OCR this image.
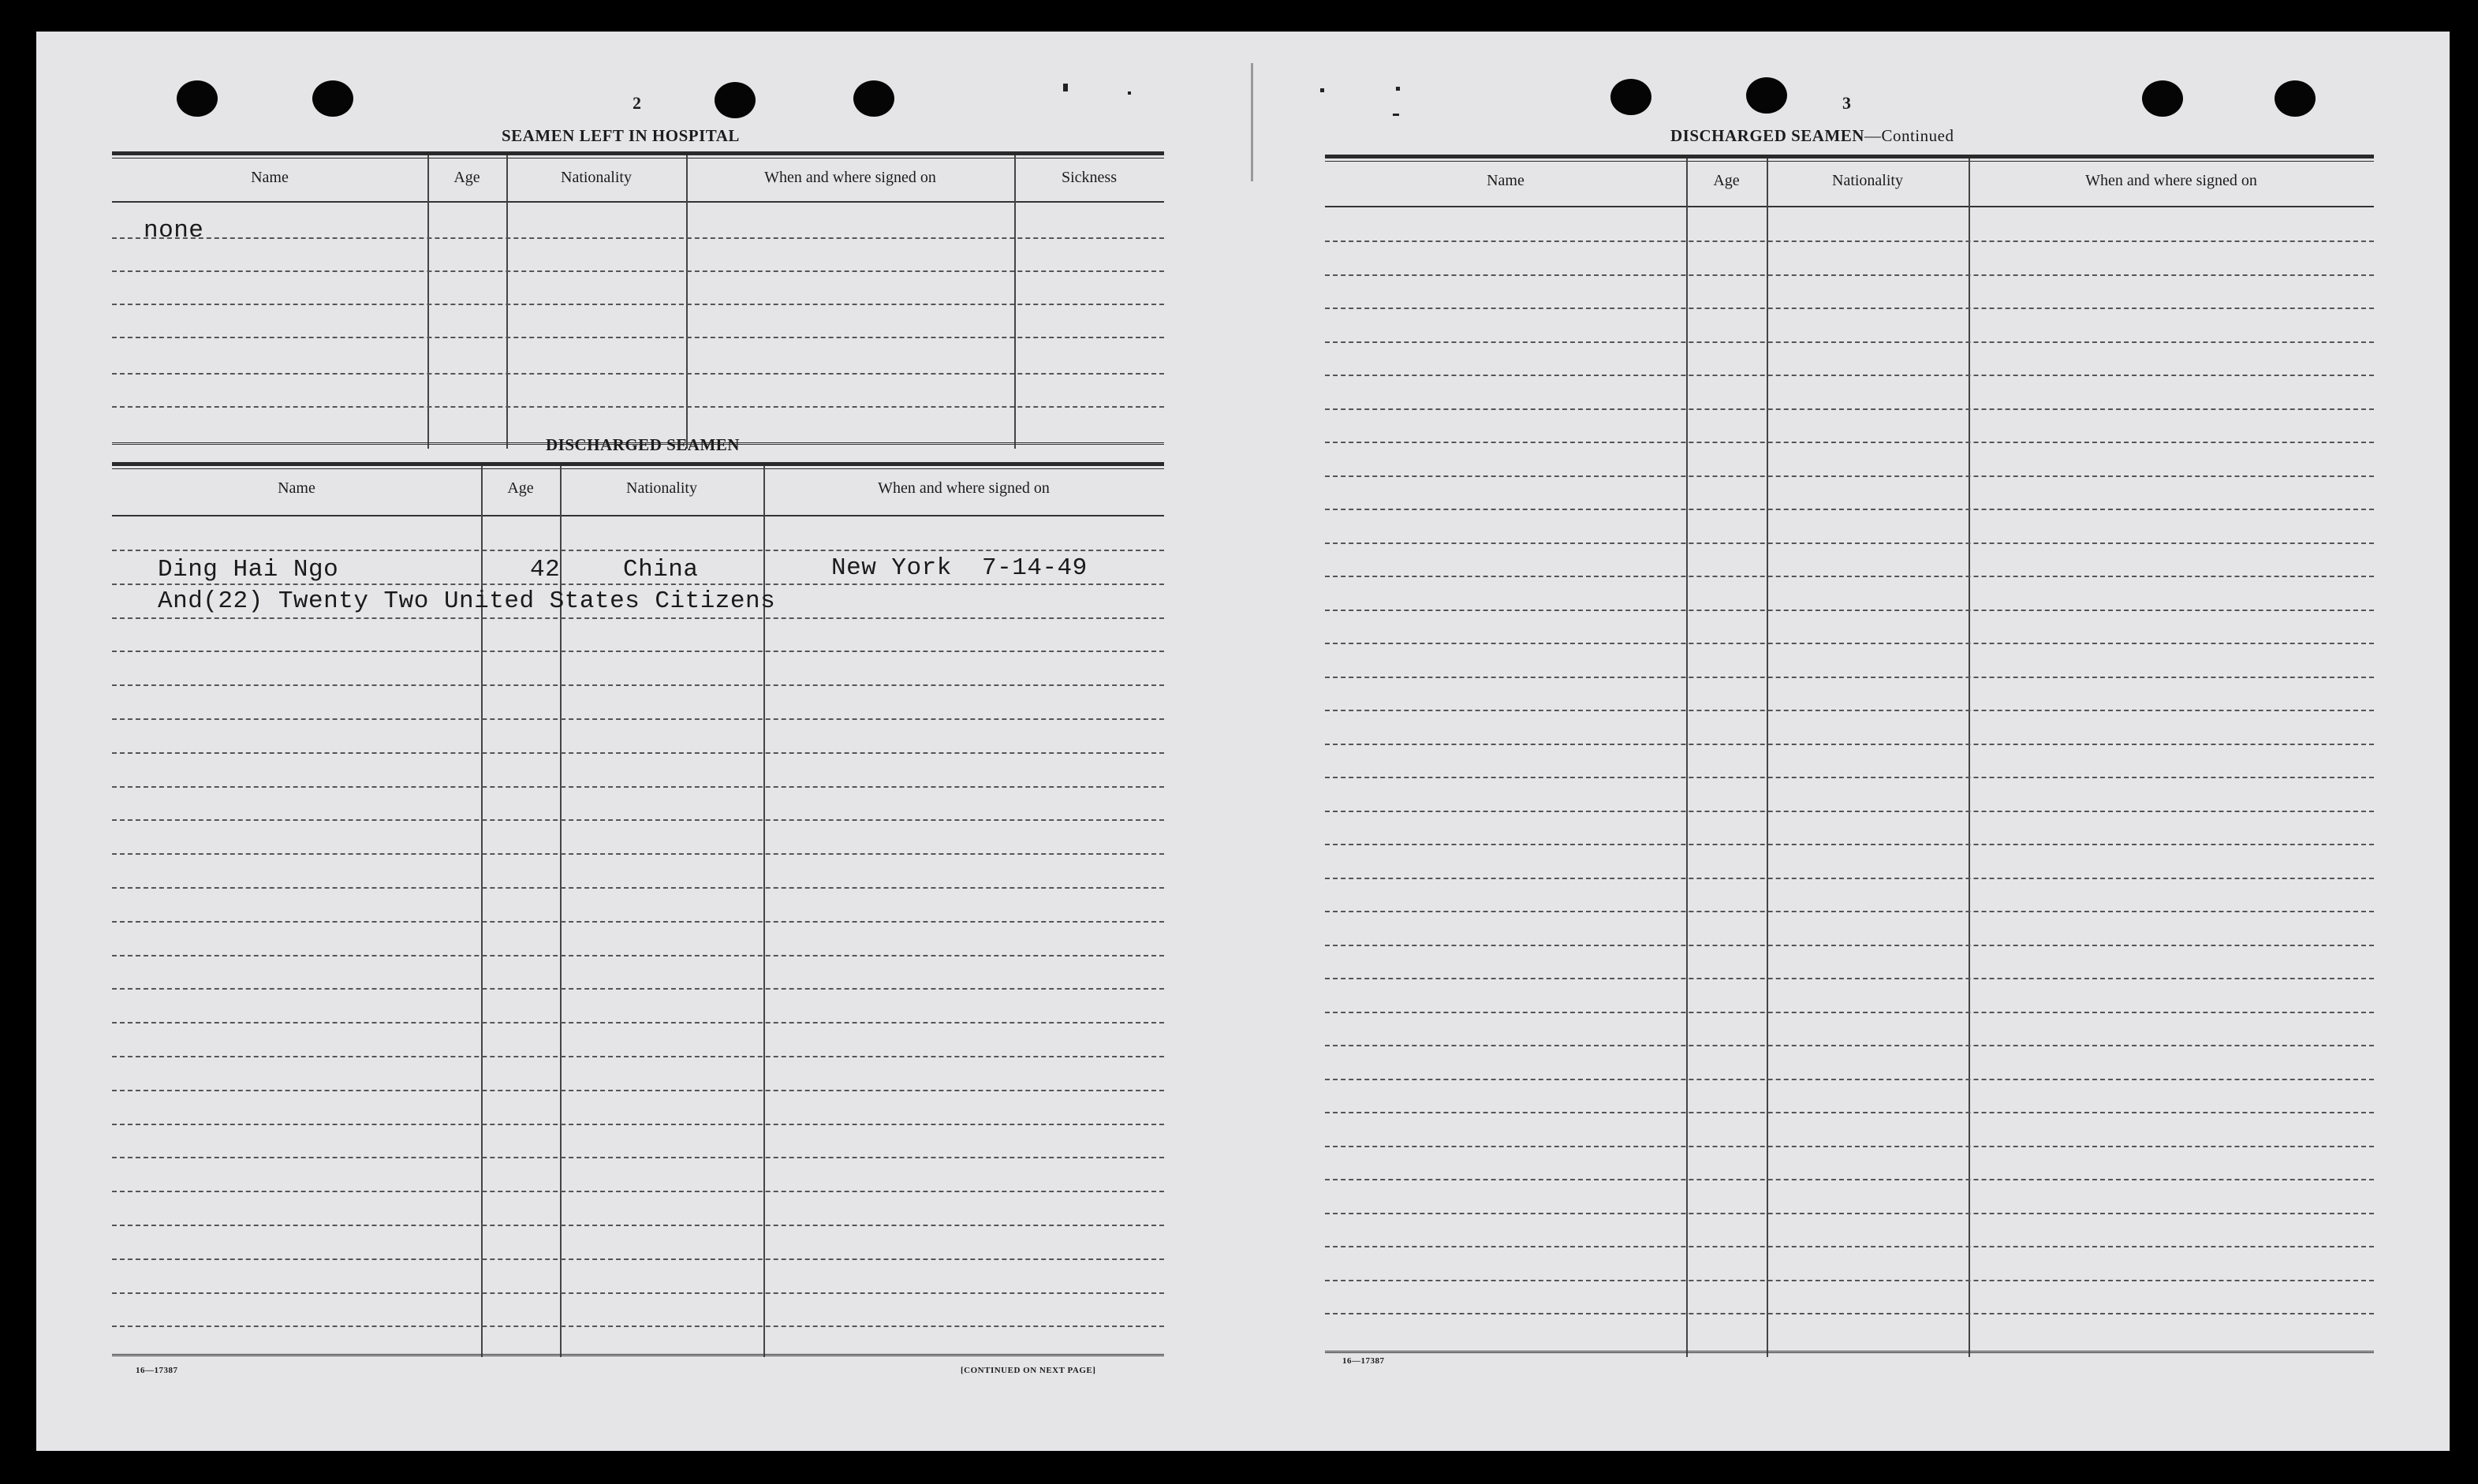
2
SEAMEN LEFT IN HOSPITAL
Name	Age	Nationality	When and where signed on	Sickness
none
DISCHARGED SEAMEN
Name	Age	Nationality	When and where signed on
Ding Hai Ngo	42	China	New York  7-14-49
And(22) Twenty Two United States Citizens
16—17387	[CONTINUED ON NEXT PAGE]
3
DISCHARGED SEAMEN—Continued
Name	Age	Nationality	When and where signed on
16—17387
